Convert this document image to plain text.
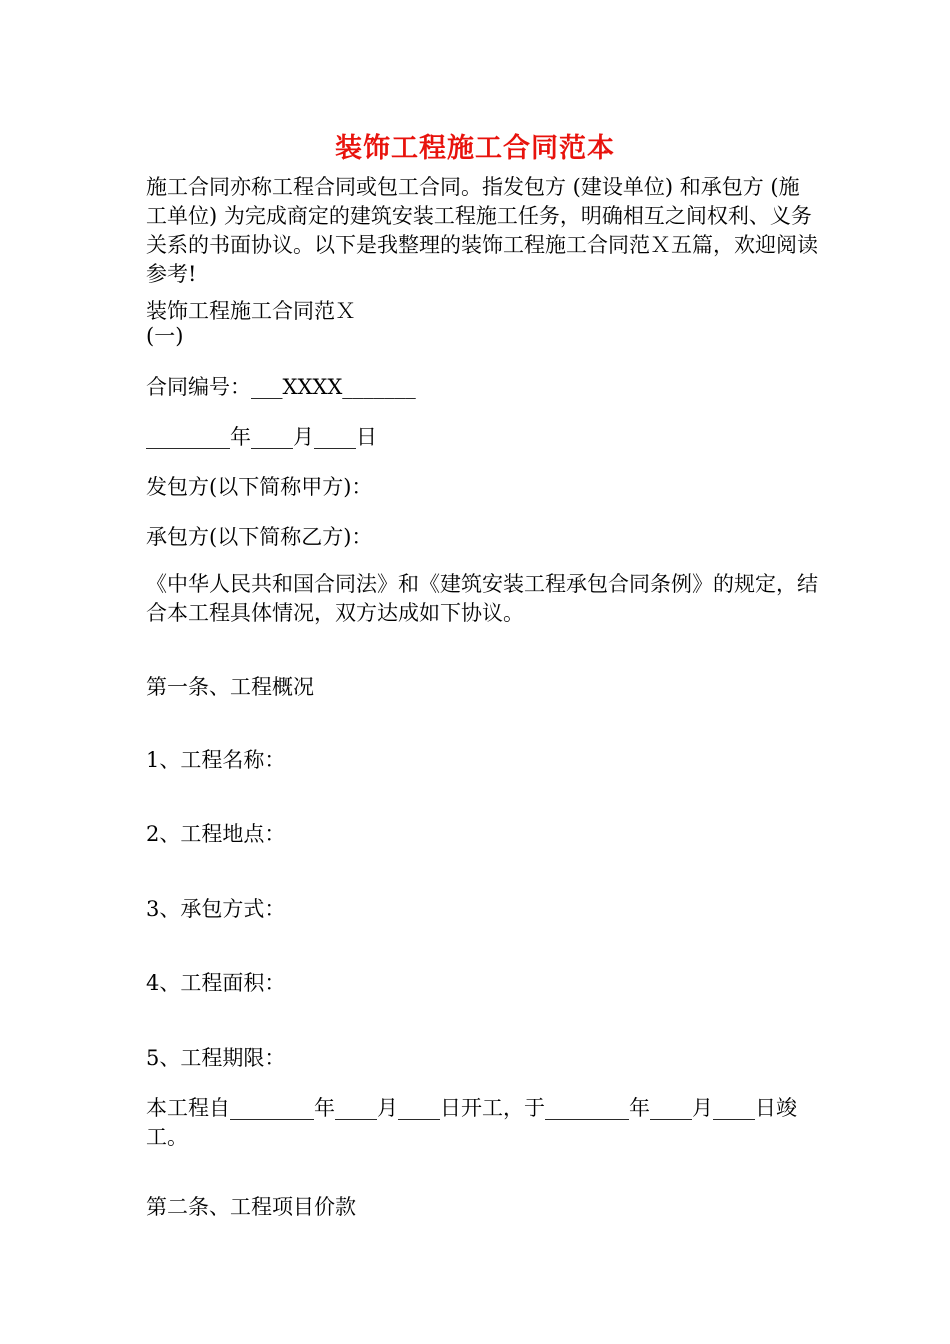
装饰工程施工合同范本

施工合同亦称工程合同或包工合同。指发包方 (建设单位) 和承包方 (施工单位) 为完成商定的建筑安装工程施工任务，明确相互之间权利、义务关系的书面协议。以下是我整理的装饰工程施工合同范Ｘ五篇，欢迎阅读参考!

装饰工程施工合同范Ｘ

(一)

合同编号：___XXXX_______

________年____月____日

发包方(以下简称甲方)：

承包方(以下简称乙方)：

《中华人民共和国合同法》和《建筑安装工程承包合同条例》的规定，结合本工程具体情况，双方达成如下协议。

第一条、工程概况

1、工程名称：

2、工程地点：

3、承包方式：

4、工程面积：

5、工程期限：

本工程自________年____月____日开工，于________年____月____日竣工。

第二条、工程项目价款
